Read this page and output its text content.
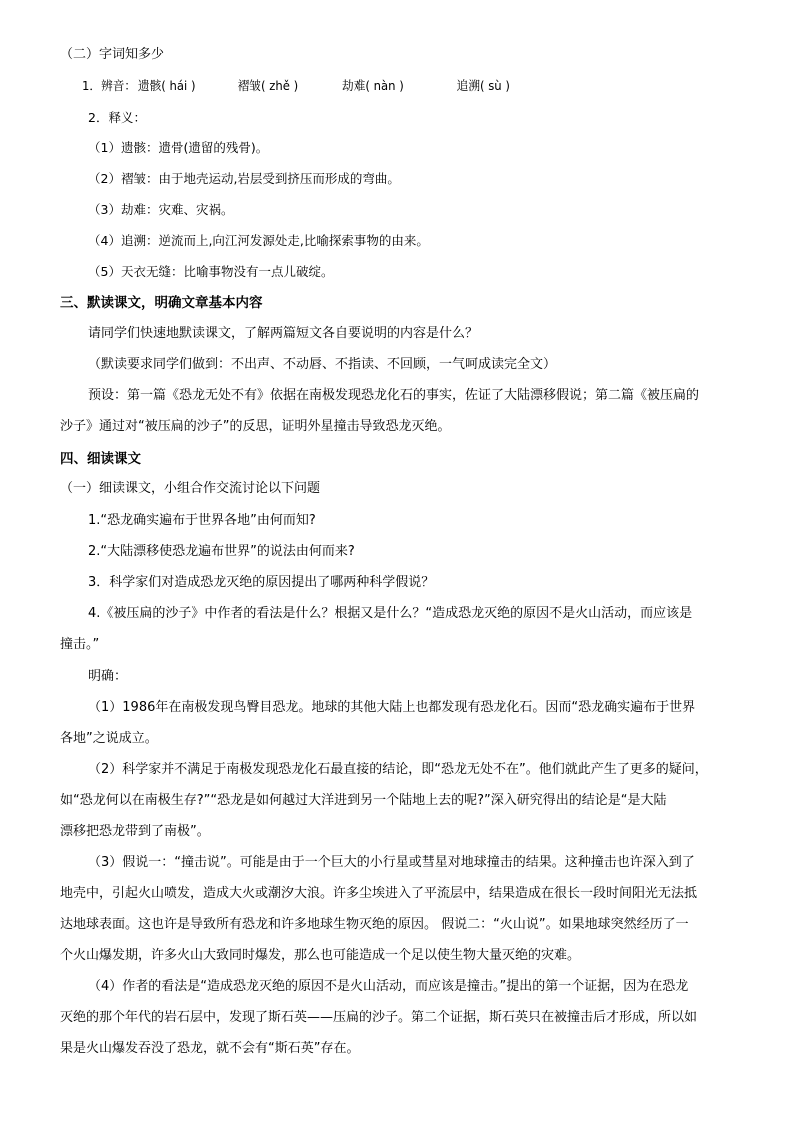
（二）字词知多少
1．辨音： 遗骸( hái )	褶皱( zhě )	劫难( nàn )	追溯( sù )
2．释义：
（1）遗骸：遗骨(遗留的残骨)。
（2）褶皱：由于地壳运动,岩层受到挤压而形成的弯曲。
（3）劫难：灾难、灾祸。
（4）追溯：逆流而上,向江河发源处走,比喻探索事物的由来。
（5）天衣无缝：比喻事物没有一点儿破绽。
三、默读课文，明确文章基本内容
请同学们快速地默读课文，了解两篇短文各自要说明的内容是什么？
（默读要求同学们做到：不出声、不动唇、不指读、不回顾，一气呵成读完全文）
预设：第一篇《恐龙无处不有》依据在南极发现恐龙化石的事实，佐证了大陆漂移假说；第二篇《被压扁的
沙子》通过对“被压扁的沙子”的反思，证明外星撞击导致恐龙灭绝。
四、细读课文
（一）细读课文，小组合作交流讨论以下问题
1.“恐龙确实遍布于世界各地”由何而知?
2.“大陆漂移使恐龙遍布世界”的说法由何而来?
3．科学家们对造成恐龙灭绝的原因提出了哪两种科学假说？
4.《被压扁的沙子》中作者的看法是什么？根据又是什么？“造成恐龙灭绝的原因不是火山活动，而应该是
撞击。”
明确：
（1）1986年在南极发现鸟臀目恐龙。地球的其他大陆上也都发现有恐龙化石。因而“恐龙确实遍布于世界
各地”之说成立。
（2）科学家并不满足于南极发现恐龙化石最直接的结论，即“恐龙无处不在”。他们就此产生了更多的疑问，
如“恐龙何以在南极生存?”“恐龙是如何越过大洋进到另一个陆地上去的呢?”深入研究得出的结论是“是大陆
漂移把恐龙带到了南极”。
（3）假说一：“撞击说”。可能是由于一个巨大的小行星或彗星对地球撞击的结果。这种撞击也许深入到了
地壳中，引起火山喷发，造成大火或潮汐大浪。许多尘埃进入了平流层中，结果造成在很长一段时间阳光无法抵
达地球表面。这也许是导致所有恐龙和许多地球生物灭绝的原因。 假说二：“火山说”。如果地球突然经历了一
个火山爆发期，许多火山大致同时爆发，那么也可能造成一个足以使生物大量灭绝的灾难。
（4）作者的看法是“造成恐龙灭绝的原因不是火山活动，而应该是撞击。”提出的第一个证据，因为在恐龙
灭绝的那个年代的岩石层中，发现了斯石英——压扁的沙子。第二个证据，斯石英只在被撞击后才形成，所以如
果是火山爆发吞没了恐龙，就不会有“斯石英”存在。
